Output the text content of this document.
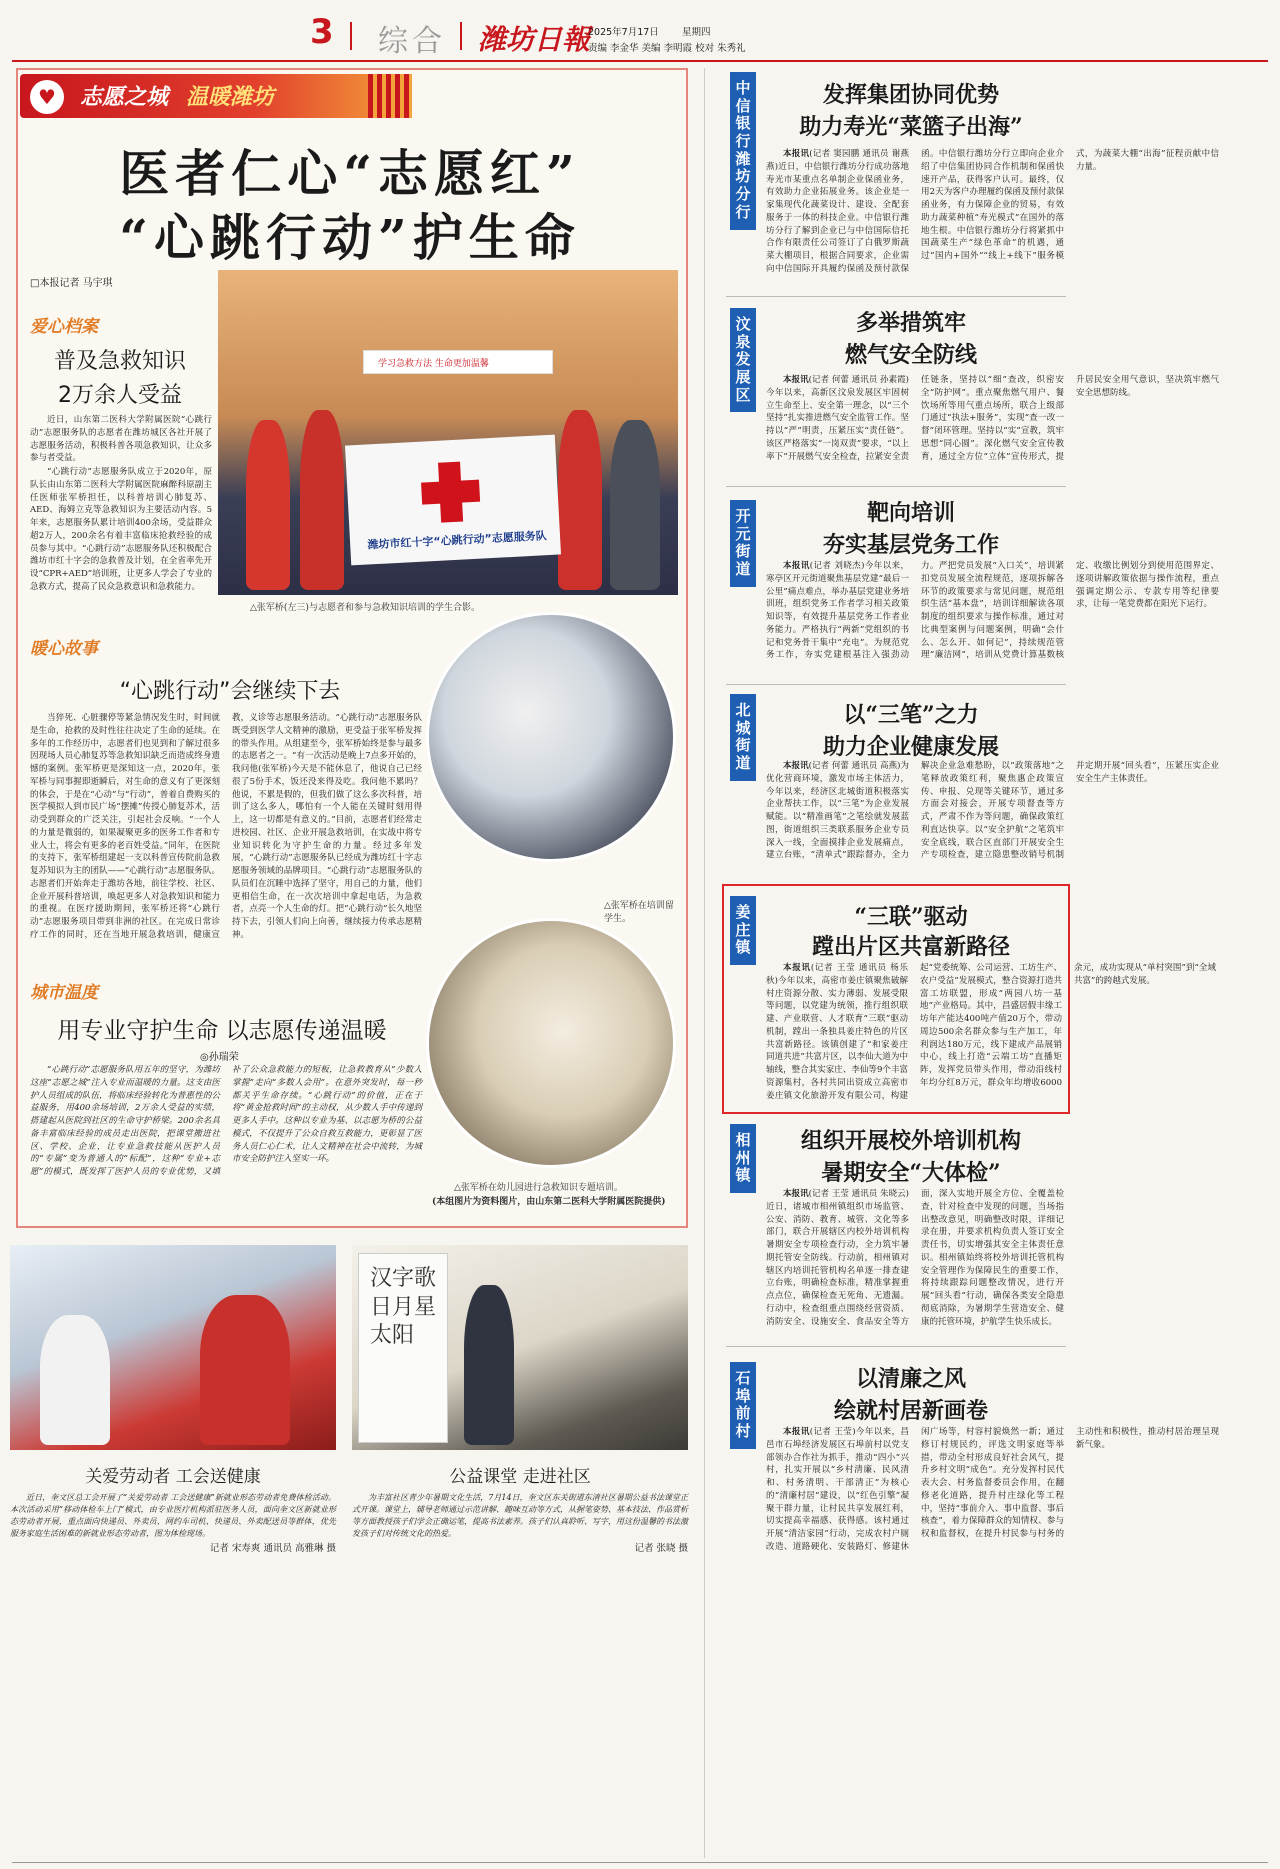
3 综合 潍坊日報
2025年7月17日 星期四
责编 李金华 美编 李明霞 校对 朱秀礼
♥	志愿之城 温暖潍坊
医者仁心“志愿红”
“心跳行动”护生命
□本报记者 马宇琪
爱心档案
普及急救知识
2万余人受益

近日，山东第二医科大学附属医院“心跳行动”志愿服务队的志愿者在潍坊城区各社开展了志愿服务活动，积极科普各项急救知识，让众多参与者受益。

“心跳行动”志愿服务队成立于2020年，原队长由山东第二医科大学附属医院麻醉科原副主任医师张军桥担任，以科普培训心肺复苏、AED、海姆立克等急救知识为主要活动内容。5年来，志愿服务队累计培训400余场，受益群众超2万人，200余名有着丰富临床抢救经验的成员参与其中。“心跳行动”志愿服务队还积极配合潍坊市红十字会的急救普及计划，在全省率先开设“CPR+AED”培训班，让更多人学会了专业的急救方式，提高了民众急救意识和急救能力。

学习急救方法 生命更加温馨
潍坊市红十字“心跳行动”志愿服务队
△张军桥(左三)与志愿者和参与急救知识培训的学生合影。
暖心故事
“心跳行动”会继续下去

当猝死、心脏骤停等紧急情况发生时，时间就是生命，抢救的及时性往往决定了生命的延续。在多年的工作经历中，志愿者们也见到和了解过很多因现场人员心肺复苏等急救知识缺乏而造成终身遗憾的案例。张军桥更是深知这一点，2020年，张军桥与同事握即逝瞬后，对生命的意义有了更深刻的体会，于是在“心动”与“行动”，普着自费购买的医学模拟人到市民广场“摆摊”传授心肺复苏术，活动受到群众的广泛关注，引起社会反响。“一个人的力量是微弱的，如果凝聚更多的医务工作者和专业人士，将会有更多的老百姓受益。”同年，在医院的支持下，张军桥组建起一支以科普宣传院前急救复苏知识为主的团队——“心跳行动”志愿服务队。志愿者们开始奔走于潍坊各地，前往学校、社区、企业开展科普培训，唤起更多人对急救知识和能力的重视。在医疗援助期间，张军桥还将“心跳行动”志愿服务项目带到非洲的社区。在完成日常诊疗工作的同时，还在当地开展急救培训，健康宣教，义诊等志愿服务活动。“心跳行动”志愿服务队既受到医学人文精神的激励，更受益于张军桥发挥的带头作用。从组建至今，张军桥始终是参与最多的志愿者之一。“有一次活动是晚上7点多开始的，我问他(张军桥)今天是不能休息了，他说自己已经很了5份手术，饭还没来得及吃。我问他不累吗？他说，不累是假的，但我们做了这么多次科普，培训了这么多人，哪怕有一个人能在关键时刻用得上，这一切都是有意义的。”目前，志愿者们经常走进校园、社区、企业开展急救培训，在实战中将专业知识转化为守护生命的力量。经过多年发展，“心跳行动”志愿服务队已经成为潍坊红十字志愿服务领域的品牌项目。“心跳行动”志愿服务队的队员们在沉睡中选择了坚守，用自己的力量，他们更相信生命，在一次次培训中拿起电话，为急救者，点亮一个人生命的灯。把“心跳行动”长久地坚持下去，引领人们向上向善，继续接力传承志愿精神。

△张军桥在培训留学生。
城市温度
用专业守护生命 以志愿传递温暖
◎孙瑞荣

“心跳行动”志愿服务队用五年的坚守，为潍坊这座“志愿之城”注入专业而温暖的力量。这支由医护人员组成的队伍，将临床经验转化为普惠性的公益服务，用400余场培训，2万余人受益的实绩，搭建起从医院到社区的生命守护桥梁。200余名具备丰富临床经验的成员走出医院，把课堂搬进社区、学校、企业，让专业急救技能从医护人员的“专属”变为普通人的“标配”，这种“专业+志愿”的模式，既发挥了医护人员的专业优势，又填补了公众急救能力的短板，让急救教育从“少数人掌握”走向“多数人会用”。在意外突发时，每一秒都关乎生命存续。“心跳行动”的价值，正在于将“黄金抢救时间”的主动权，从少数人手中传递到更多人手中。这种以专业为基、以志愿为桥的公益模式，不仅提升了公众自救互救能力，更彰显了医务人员仁心仁术，让人文精神在社会中流转，为城市安全防护注入坚实一环。

△张军桥在幼儿园进行急救知识专题培训。
(本组图片为资料图片，由山东第二医科大学附属医院提供)
关爱劳动者 工会送健康

近日，奎文区总工会开展了“关爱劳动者 工会送健康”新就业形态劳动者免费体检活动。本次活动采用“移动体检车上门”模式，由专业医疗机构派驻医务人员，面向奎文区新就业形态劳动者开展，重点面向快递员、外卖员、网约车司机、快递员、外卖配送员等群体，优先服务家庭生活困难的新就业形态劳动者，图为体检现场。

记者 宋寿爽 通讯员 高雅琳 摄
汉字歌 日月星 太阳
公益课堂 走进社区

为丰富社区青少年暑期文化生活，7月14日，奎文区东关街道东清社区暑期公益书法课堂正式开课。课堂上，辅导老师通过示范讲解、趣味互动等方式，从握笔姿势、基本技法、作品赏析等方面教授孩子们学会正确运笔，提高书法素养。孩子们认真聆听、写字，用这份温馨的书法激发孩子们对传统文化的热爱。

记者 张晓 摄
中信银行潍坊分行
发挥集团协同优势
助力寿光“菜篮子出海”

本报讯(记者 窦园鹏 通讯员 谢燕燕)近日，中信银行潍坊分行成功落地寿光市某重点名单制企业保函业务，有效助力企业拓展业务。该企业是一家集现代化蔬菜设计、建设、全配套服务于一体的科技企业。中信银行潍坊分行了解到企业已与中信国际信托合作有限责任公司签订了白俄罗斯蔬菜大棚项目，根据合同要求，企业需向中信国际开具履约保函及预付款保函。中信银行潍坊分行立即向企业介绍了中信集团协同合作机制和保函快速开产品，获得客户认可。最终，仅用2天为客户办理履约保函及预付款保函业务，有力保障企业的贸易，有效助力蔬菜种植“寿光模式”在国外的落地生根。中信银行潍坊分行将紧抓中国蔬菜生产“绿色革命”的机遇，通过“国内+国外”“线上+线下”服务模式，为蔬菜大棚“出海”征程贡献中信力量。

汶泉发展区
多举措筑牢
燃气安全防线

本报讯(记者 何蕾 通讯员 孙素霞)今年以来，高新区汶泉发展区牢固树立生命至上、安全第一理念，以“三个坚持”扎实推进燃气安全监管工作。坚持以“严”明责，压紧压实“责任链”。该区严格落实“一岗双责”要求，“以上率下”开展燃气安全检查，拉紧安全责任链条，坚持以“细”查改，织密安全“防护网”。重点聚焦燃气用户、餐饮场所等用气重点场所，联合上级部门通过“执法+服务”，实现“查一改一督”闭环管理。坚持以“实”宣教，筑牢思想“同心圆”。深化燃气安全宣传教育，通过全方位“立体”宣传形式，提升居民安全用气意识，坚决筑牢燃气安全思想防线。

开元街道
靶向培训
夯实基层党务工作

本报讯(记者 刘晓杰)今年以来，寒亭区开元街道聚焦基层党建“最后一公里”痛点难点，举办基层党建业务培训班，组织党务工作者学习相关政策知识等，有效提升基层党务工作者业务能力。严格执行“两新”党组织的书记和党务骨干集中“充电”。为规范党务工作，夯实党建根基注入强劲动力。严把党员发展“入口关”，培训紧扣党员发展全流程规范，逐项拆解各环节的政策要求与常见问题，规范组织生活“基本盘”，培训详细解读各项制度的组织要求与操作标准，通过对比典型案例与问题案例，明确“会什么、怎么开、如何记”，持续规范管理“廉洁网”，培训从党费计算基数核定、收缴比例划分到使用范围界定、逐项讲解政策依据与操作流程，重点强调定期公示、专款专用等纪律要求，让每一笔党费都在阳光下运行。

北城街道
以“三笔”之力
助力企业健康发展

本报讯(记者 何蕾 通讯员 高燕)为优化营商环境，激发市场主体活力，今年以来，经济区北城街道积极落实企业帮扶工作，以“三笔”为企业发展赋能。以“精准画笔”之笔绘就发展蓝图，街道组织三类联系服务企业专员深入一线，全面摸排企业发展痛点，建立台账，“清单式”跟踪督办，全力解决企业急难愁盼，以“政策落地”之笔释放政策红利，聚焦惠企政策宣传、申报、兑现等关键环节，通过多方面会对接会，开展专项督查等方式，严肃不作为等问题，确保政策红利直达快享。以“安全护航”之笔筑牢安全底线，联合区直部门开展安全生产专项检查，建立隐患整改销号机制并定期开展“回头看”，压紧压实企业安全生产主体责任。

姜庄镇
“三联”驱动
蹚出片区共富新路径

本报讯(记者 王莹 通讯员 杨乐秋)今年以来，高密市姜庄镇聚焦破解村庄资源分散、实力薄弱、发展受限等问题，以党建为统领，推行组织联建、产业联营、人才联育“三联”驱动机制，蹚出一条独具姜庄特色的片区共富新路径。该镇创建了“和家姜庄 同道共进”共富片区，以李仙大道为中轴线，整合其实家庄、李仙等9个丰富资源集村，各村共同出资成立高密市姜庄镇文化旅游开发有限公司，构建起“党委统筹、公司运营、工坊生产、农户受益”发展模式，整合资源打造共富工坊联盟，形成“两园八坊一基地”产业格局。其中，昌盛居假丰缘工坊年产能达400吨产值20万个，带动周边500余名群众参与生产加工，年利润达180万元，线下建成产品展销中心，线上打造“云端工坊”直播矩阵，发挥党员带头作用，带动沿线村年均分红8万元，群众年均增收6000余元，成功实现从“单村突围”到“全域共富”的跨越式发展。

相州镇
组织开展校外培训机构
暑期安全“大体检”

本报讯(记者 王莹 通讯员 朱晓云)近日，诸城市相州镇组织市场监管、公安、消防、教育、城管、文化等多部门，联合开展辖区内校外培训机构暑期安全专项检查行动，全力筑牢暑期托管安全防线。行动前，相州镇对辖区内培训托管机构名单逐一排查建立台账，明确检查标准，精准掌握重点点位，确保检查无死角、无遗漏。行动中，检查组重点围绕经营资质、消防安全、设施安全、食品安全等方面，深入实地开展全方位、全覆盖检查，针对检查中发现的问题，当场指出整改意见，明确整改时限，详细记录在册，并要求机构负责人签订安全责任书，切实增强其安全主体责任意识。相州镇始终将校外培训托管机构安全管理作为保障民生的重要工作，将持续跟踪问题整改情况，进行开展“回头看”行动，确保各类安全隐患彻底消除，为暑期学生营造安全、健康的托管环境，护航学生快乐成长。

石埠前村
以清廉之风
绘就村居新画卷

本报讯(记者 王莹)今年以来，昌邑市石埠经济发展区石埠前村以党支部领办合作社为抓手，推动“四小”兴村，扎实开展以“乡村清廉、民风清和、村务清明、干部清正”为核心的“清廉村居”建设，以“红色引擎”凝聚干群力量，让村民共享发展红利，切实提高幸福感、获得感。该村通过开展“清洁家园”行动，完成农村户厕改造、道路硬化、安装路灯、修建休闲广场等，村容村貌焕然一新；通过修订村规民约，评选文明家庭等举措，带动全村形成良好社会风气，提升乡村文明“成色”。充分发挥村民代表大会、村务监督委员会作用，在翻修老化道路，提升村庄绿化等工程中，坚持“事前介入、事中监督、事后核查”，着力保障群众的知情权、参与权和监督权，在提升村民参与村务的主动性和积极性，推动村居治理呈现新气象。
